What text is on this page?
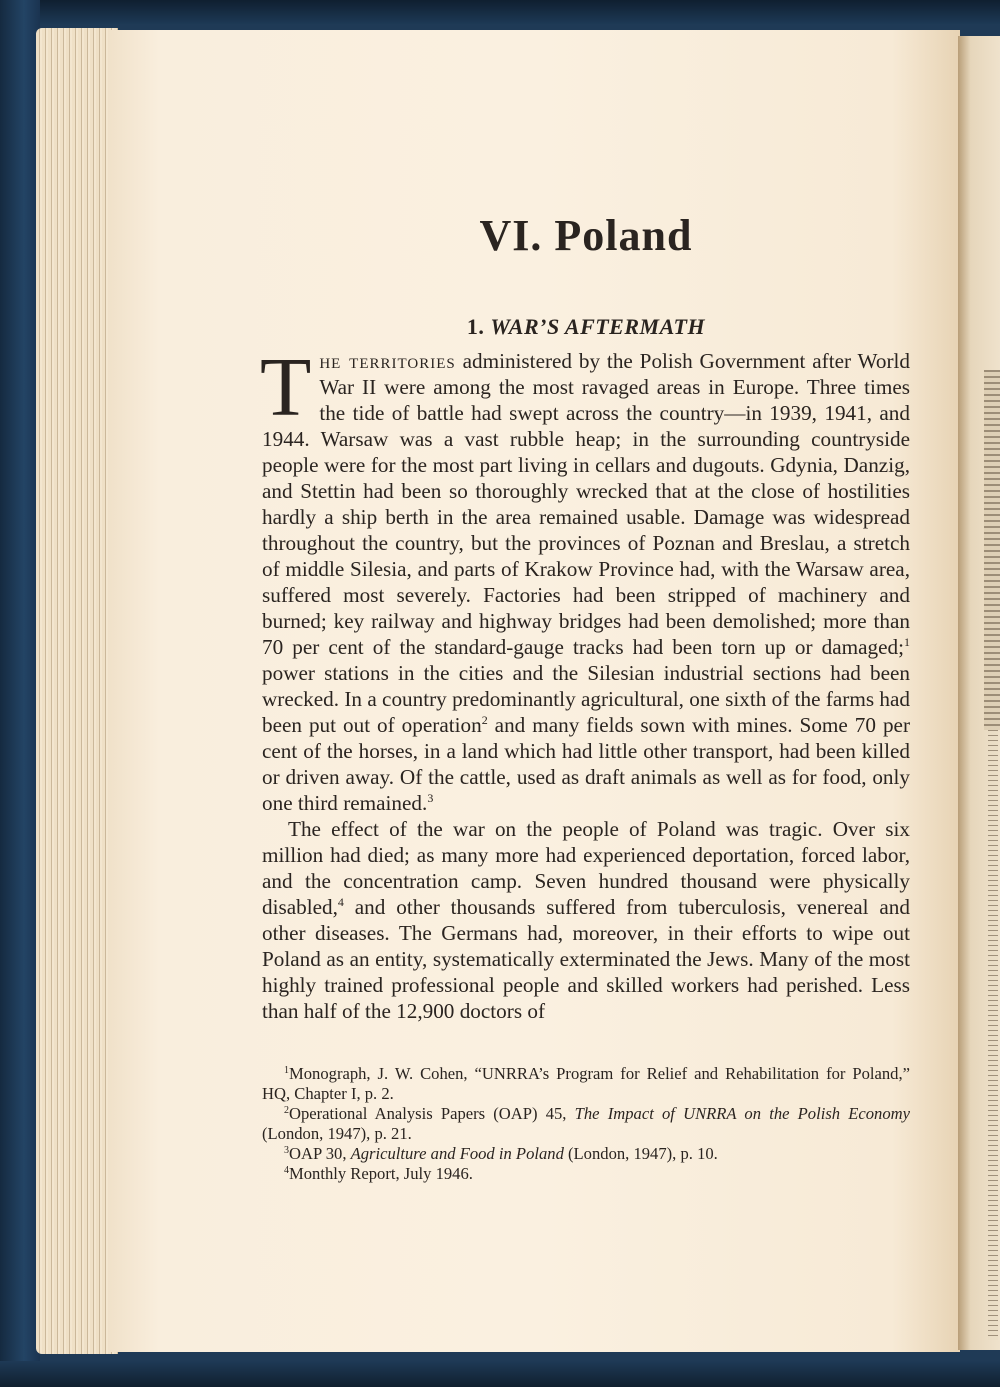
VI. Poland
1. WAR’S AFTERMATH

The territories administered by the Polish Government after World War II were among the most ravaged areas in Europe. Three times the tide of battle had swept across the country—in 1939, 1941, and 1944. Warsaw was a vast rubble heap; in the surrounding countryside people were for the most part living in cellars and dugouts. Gdynia, Danzig, and Stettin had been so thoroughly wrecked that at the close of hostilities hardly a ship berth in the area remained usable. Damage was widespread throughout the country, but the provinces of Poznan and Breslau, a stretch of middle Silesia, and parts of Krakow Province had, with the Warsaw area, suffered most severely. Factories had been stripped of machinery and burned; key railway and highway bridges had been demolished; more than 70 per cent of the standard-gauge tracks had been torn up or damaged;$^1$ power stations in the cities and the Silesian industrial sections had been wrecked. In a country predominantly agricultural, one sixth of the farms had been put out of operation$^2$ and many fields sown with mines. Some 70 per cent of the horses, in a land which had little other transport, had been killed or driven away. Of the cattle, used as draft animals as well as for food, only one third remained.$^3$

The effect of the war on the people of Poland was tragic. Over six million had died; as many more had experienced deportation, forced labor, and the concentration camp. Seven hundred thousand were physically disabled,$^4$ and other thousands suffered from tuberculosis, venereal and other diseases. The Germans had, moreover, in their efforts to wipe out Poland as an entity, systematically exterminated the Jews. Many of the most highly trained professional people and skilled workers had perished. Less than half of the 12,900 doctors of

$^1$Monograph, J. W. Cohen, “UNRRA’s Program for Relief and Rehabilitation for Poland,” HQ, Chapter I, p. 2.

$^2$Operational Analysis Papers (OAP) 45, The Impact of UNRRA on the Polish Economy (London, 1947), p. 21.

$^3$OAP 30, Agriculture and Food in Poland (London, 1947), p. 10.

$^4$Monthly Report, July 1946.
